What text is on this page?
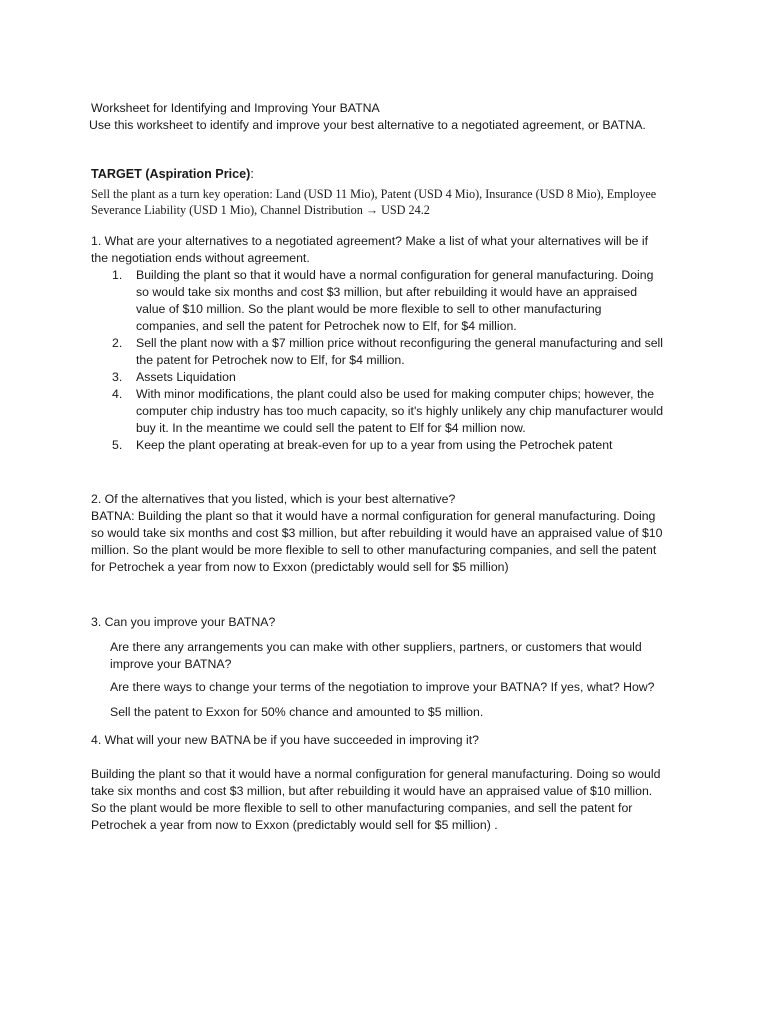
Worksheet for Identifying and Improving Your BATNA

Use this worksheet to identify and improve your best alternative to a negotiated agreement, or BATNA.

TARGET (Aspiration Price):

Sell the plant as a turn key operation: Land (USD 11 Mio), Patent (USD 4 Mio), Insurance (USD 8 Mio), Employee

Severance Liability (USD 1 Mio), Channel Distribution → USD 24.2

1. What are your alternatives to a negotiated agreement? Make a list of what your alternatives will be if

the negotiation ends without agreement.

1. Building the plant so that it would have a normal configuration for general manufacturing. Doing
so would take six months and cost $3 million, but after rebuilding it would have an appraised
value of $10 million. So the plant would be more flexible to sell to other manufacturing
companies, and sell the patent for Petrochek now to Elf, for $4 million.
2. Sell the plant now with a $7 million price without reconfiguring the general manufacturing and sell
the patent for Petrochek now to Elf, for $4 million.
3. Assets Liquidation
4. With minor modifications, the plant could also be used for making computer chips; however, the
computer chip industry has too much capacity, so it's highly unlikely any chip manufacturer would
buy it. In the meantime we could sell the patent to Elf for $4 million now.
5. Keep the plant operating at break-even for up to a year from using the Petrochek patent

2. Of the alternatives that you listed, which is your best alternative?

BATNA: Building the plant so that it would have a normal configuration for general manufacturing. Doing

so would take six months and cost $3 million, but after rebuilding it would have an appraised value of $10

million. So the plant would be more flexible to sell to other manufacturing companies, and sell the patent

for Petrochek a year from now to Exxon (predictably would sell for $5 million)

3. Can you improve your BATNA?

Are there any arrangements you can make with other suppliers, partners, or customers that would

improve your BATNA?

Are there ways to change your terms of the negotiation to improve your BATNA? If yes, what? How?

Sell the patent to Exxon for 50% chance and amounted to $5 million.

4. What will your new BATNA be if you have succeeded in improving it?

Building the plant so that it would have a normal configuration for general manufacturing. Doing so would

take six months and cost $3 million, but after rebuilding it would have an appraised value of $10 million.

So the plant would be more flexible to sell to other manufacturing companies, and sell the patent for

Petrochek a year from now to Exxon (predictably would sell for $5 million) .
